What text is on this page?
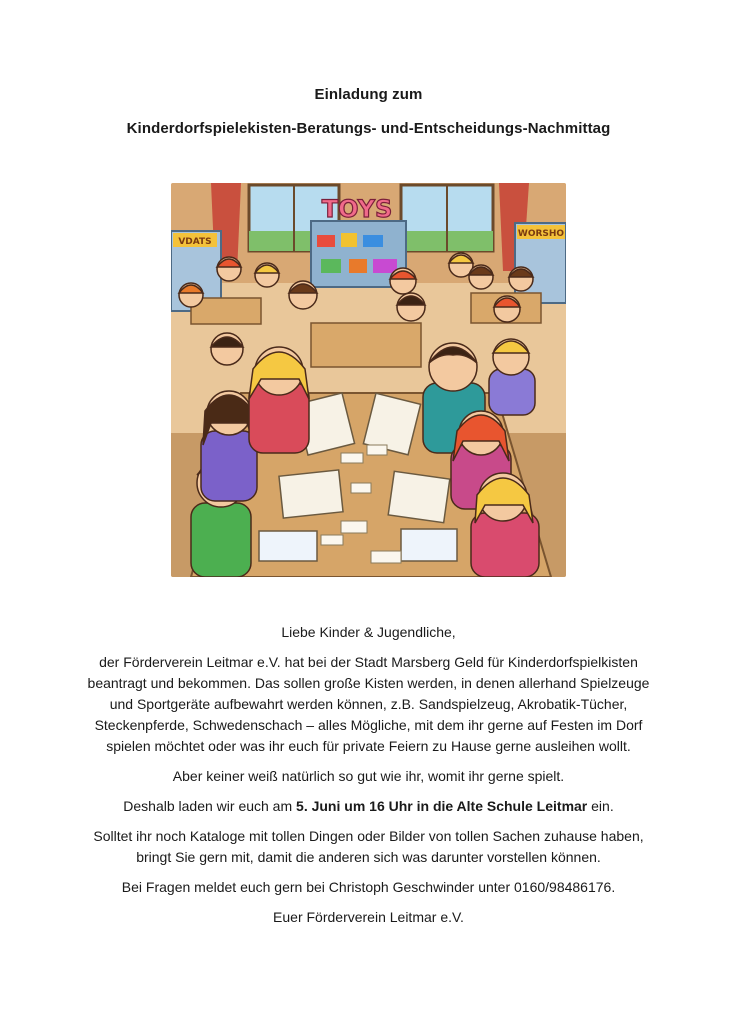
Einladung zum
Kinderdorfspielekisten-Beratungs- und-Entscheidungs-Nachmittag
TOYS
VDATS
WORSHO

Liebe Kinder & Jugendliche,

der Förderverein Leitmar e.V. hat bei der Stadt Marsberg Geld für Kinderdorfspielkisten beantragt und bekommen. Das sollen große Kisten werden, in denen allerhand Spielzeuge und Sportgeräte aufbewahrt werden können, z.B. Sandspielzeug, Akrobatik-Tücher, Steckenpferde, Schwedenschach – alles Mögliche, mit dem ihr gerne auf Festen im Dorf spielen möchtet oder was ihr euch für private Feiern zu Hause gerne ausleihen wollt.

Aber keiner weiß natürlich so gut wie ihr, womit ihr gerne spielt.

Deshalb laden wir euch am 5. Juni um 16 Uhr in die Alte Schule Leitmar ein.

Solltet ihr noch Kataloge mit tollen Dingen oder Bilder von tollen Sachen zuhause haben, bringt Sie gern mit, damit die anderen sich was darunter vorstellen können.

Bei Fragen meldet euch gern bei Christoph Geschwinder unter 0160/98486176.

Euer Förderverein Leitmar e.V.
